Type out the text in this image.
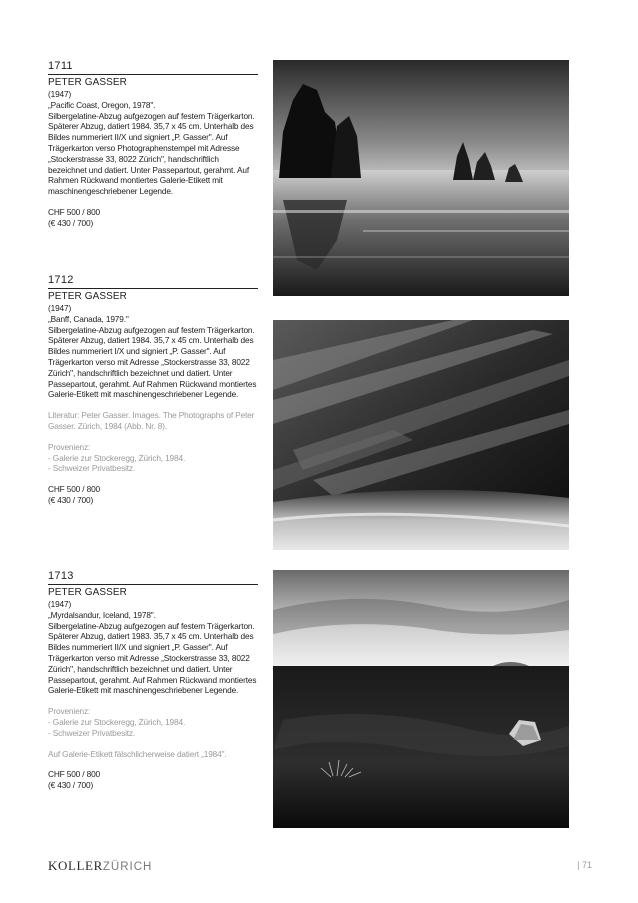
1711
PETER GASSER

(1947)

„Pacific Coast, Oregon, 1978".

Silbergelatine-Abzug aufgezogen auf festem Trägerkarton. Späterer Abzug, datiert 1984. 35,7 x 45 cm. Unterhalb des Bildes nummeriert II/X und signiert „P. Gasser". Auf Trägerkarton verso Photographenstempel mit Adresse „Stockerstrasse 33, 8022 Zürich", handschriftlich bezeichnet und datiert. Unter Passepartout, gerahmt. Auf Rahmen Rückwand montiertes Galerie-Etikett mit maschinengeschriebener Legende.

CHF 500 / 800

(€ 430 / 700)

1712
PETER GASSER

(1947)

„Banff, Canada, 1979."

Silbergelatine-Abzug aufgezogen auf festem Trägerkarton. Späterer Abzug, datiert 1984. 35,7 x 45 cm. Unterhalb des Bildes nummeriert I/X und signiert „P. Gasser". Auf Trägerkarton verso mit Adresse „Stockerstrasse 33, 8022 Zürich", handschriftlich bezeichnet und datiert. Unter Passepartout, gerahmt. Auf Rahmen Rückwand montiertes Galerie-Etikett mit maschinengeschriebener Legende.

Literatur: Peter Gasser. Images. The Photographs of Peter Gasser. Zürich, 1984 (Abb. Nr. 8).

Provenienz:

- Galerie zur Stockeregg, Zürich, 1984.

- Schweizer Privatbesitz.

CHF 500 / 800

(€ 430 / 700)

1713
PETER GASSER

(1947)

„Myrdalsandur, Iceland, 1978".

Silbergelatine-Abzug aufgezogen auf festem Trägerkarton. Späterer Abzug, datiert 1983. 35,7 x 45 cm. Unterhalb des Bildes nummeriert II/X und signiert „P. Gasser". Auf Trägerkarton verso mit Adresse „Stockerstrasse 33, 8022 Zürich", handschriftlich bezeichnet und datiert. Unter Passepartout, gerahmt. Auf Rahmen Rückwand montiertes Galerie-Etikett mit maschinengeschriebener Legende.

Provenienz:

- Galerie zur Stockeregg, Zürich, 1984.

- Schweizer Privatbesitz.

Auf Galerie-Etikett fälschlicherweise datiert „1984".

CHF 500 / 800

(€ 430 / 700)

KOLLERZÜRICH	| 71
